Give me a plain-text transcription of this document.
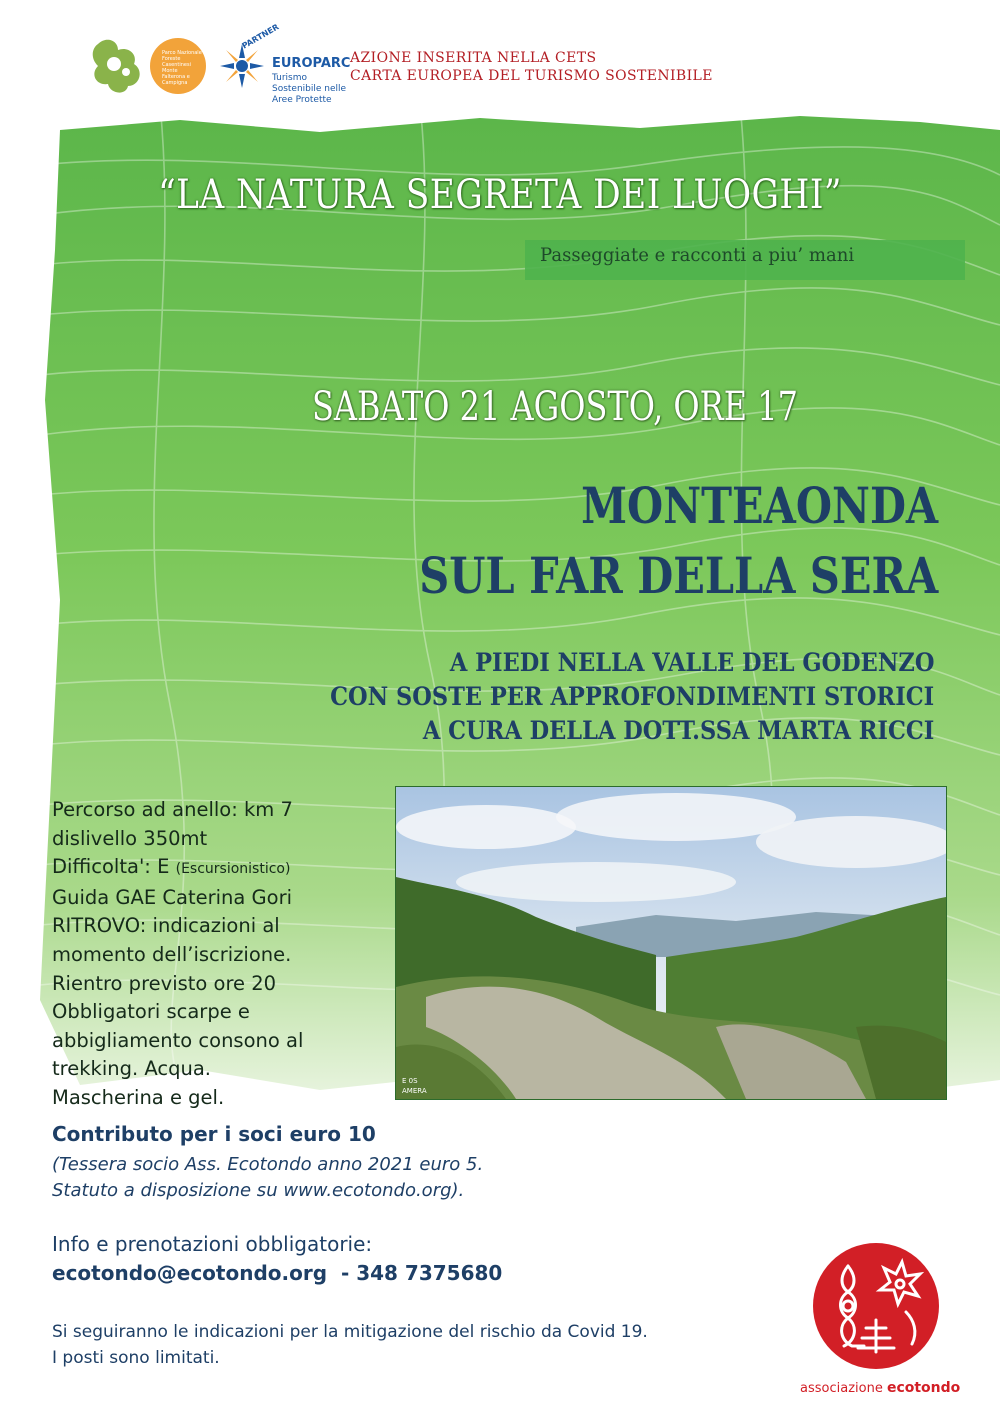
Parco Nazionale Foreste Casentinesi Monte Falterona e Campigna
PARTNER
EUROPARC
Turismo Sostenibile nelle Aree Protette
AZIONE INSERITA NELLA CETS
CARTA EUROPEA DEL TURISMO SOSTENIBILE
“LA NATURA SEGRETA DEI LUOGHI”
Passeggiate e racconti a piu’ mani
SABATO 21 AGOSTO, ORE 17
MONTEAONDA
SUL FAR DELLA SERA
A PIEDI NELLA VALLE DEL GODENZO
CON SOSTE PER APPROFONDIMENTI STORICI
A CURA DELLA DOTT.SSA MARTA RICCI
Percorso ad anello: km 7
dislivello 350mt
Difficolta': E (Escursionistico)
Guida GAE Caterina Gori
RITROVO: indicazioni al
momento dell’iscrizione.
Rientro previsto ore 20
Obbligatori scarpe e
abbigliamento consono al
trekking. Acqua.
Mascherina e gel.
E 0S
AMERA
Contributo per i soci euro 10
(Tessera socio Ass. Ecotondo anno 2021 euro 5.
Statuto a disposizione su www.ecotondo.org).
Info e prenotazioni obbligatorie:
ecotondo@ecotondo.org  - 348 7375680
Si seguiranno le indicazioni per la mitigazione del rischio da Covid 19.
I posti sono limitati.
associazione ecotondo
